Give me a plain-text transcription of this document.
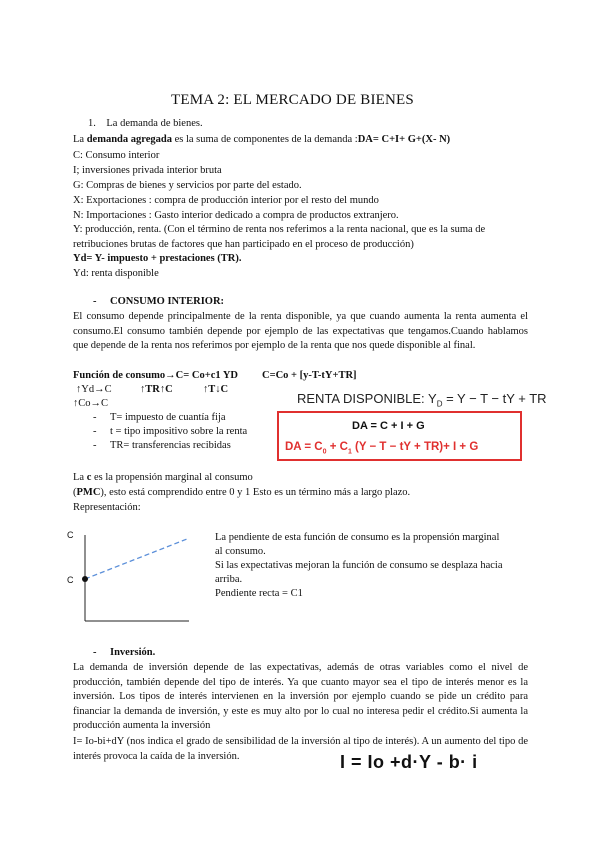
TEMA 2: EL MERCADO DE BIENES
1.    La demanda de bienes.
La demanda agregada es la suma de componentes de la demanda :DA= C+I+ G+(X- N)
C: Consumo interior
I; inversiones privada interior bruta
G: Compras de bienes y servicios por parte del estado.
X: Exportaciones : compra de producción interior por el resto del mundo
N: Importaciones : Gasto interior dedicado a compra de productos extranjero.
Y: producción, renta. (Con el término de renta nos referimos a la renta nacional, que es la suma de
retribuciones brutas de factores que han participado en el proceso de producción)
Yd= Y- impuesto + prestaciones (TR).
Yd: renta disponible
- CONSUMO INTERIOR:
El consumo depende principalmente de la renta disponible, ya que cuando aumenta la renta aumenta el consumo.El consumo también depende por ejemplo de las expectativas que tengamos.Cuando hablamos que depende de la renta nos referimos por ejemplo de la renta que nos quede disponible al final.
Función de consumo→C= Co+c1 YD C=Co + [y-T-tY+TR]
↑Yd→C	↑TR↑C	↑T↓C
↑Co→C
- T= impuesto de cuantía fija
- t = tipo impositivo sobre la renta
- TR= transferencias recibidas
RENTA DISPONIBLE: $Y_D = Y - T$ − tY + TR
DA = C + I + G
DA = $C_0 + C_1$ (Y − T − tY + TR)+ I + G
La c es la propensión marginal al consumo
(PMC), esto está comprendido entre 0 y 1 Esto es un término más a largo plazo.
Representación:
C
C
La pendiente de esta función de consumo es la propensión marginal
al consumo.
Si las expectativas mejoran la función de consumo se desplaza hacia
arriba.
Pendiente recta = C1
- Inversión.
La demanda de inversión depende de las expectativas, además de otras variables como el nivel de producción, también depende del tipo de interés. Ya que cuanto mayor sea el tipo de interés menor es la inversión. Los tipos de interés intervienen en la inversión por ejemplo cuando se pide un crédito para financiar la demanda de inversión, y este es muy alto por lo cual no interesa pedir el crédito.Si aumenta la producción aumenta la inversión
I= Io-bi+dY (nos indica el grado de sensibilidad de la inversión al tipo de interés). A un aumento del tipo de interés provoca la caída de la inversión.	I = Io +d·Y - b· i
